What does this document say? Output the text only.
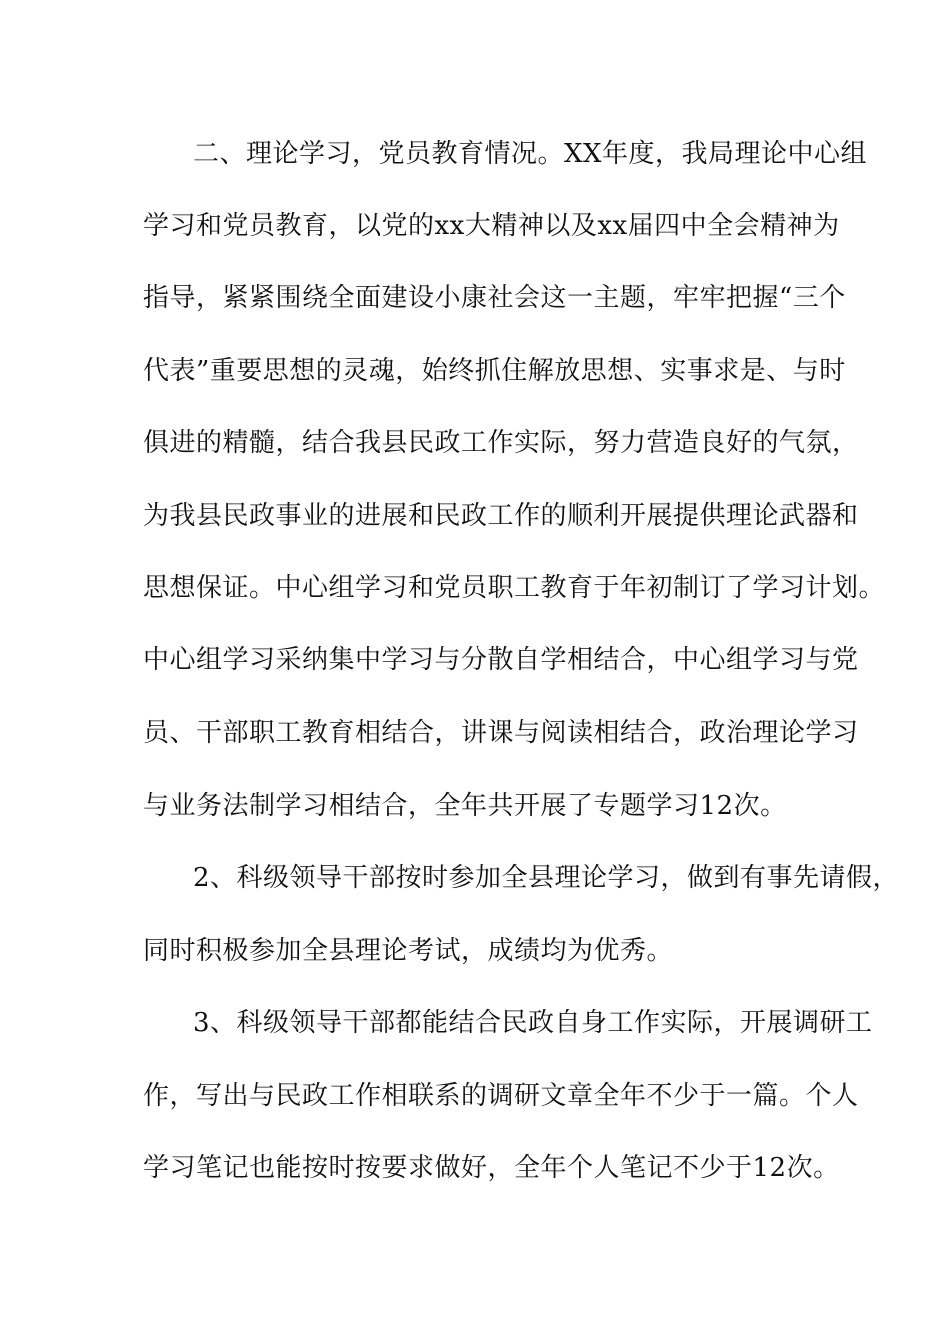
二、理论学习，党员教育情况。XX年度，我局理论中心组
学习和党员教育，以党的xx大精神以及xx届四中全会精神为
指导，紧紧围绕全面建设小康社会这一主题，牢牢把握“三个
代表”重要思想的灵魂，始终抓住解放思想、实事求是、与时
俱进的精髓，结合我县民政工作实际，努力营造良好的气氛，
为我县民政事业的进展和民政工作的顺利开展提供理论武器和
思想保证。中心组学习和党员职工教育于年初制订了学习计划。
中心组学习采纳集中学习与分散自学相结合，中心组学习与党
员、干部职工教育相结合，讲课与阅读相结合，政治理论学习
与业务法制学习相结合，全年共开展了专题学习12次。
2、科级领导干部按时参加全县理论学习，做到有事先请假，
同时积极参加全县理论考试，成绩均为优秀。
3、科级领导干部都能结合民政自身工作实际，开展调研工
作，写出与民政工作相联系的调研文章全年不少于一篇。个人
学习笔记也能按时按要求做好，全年个人笔记不少于12次。
